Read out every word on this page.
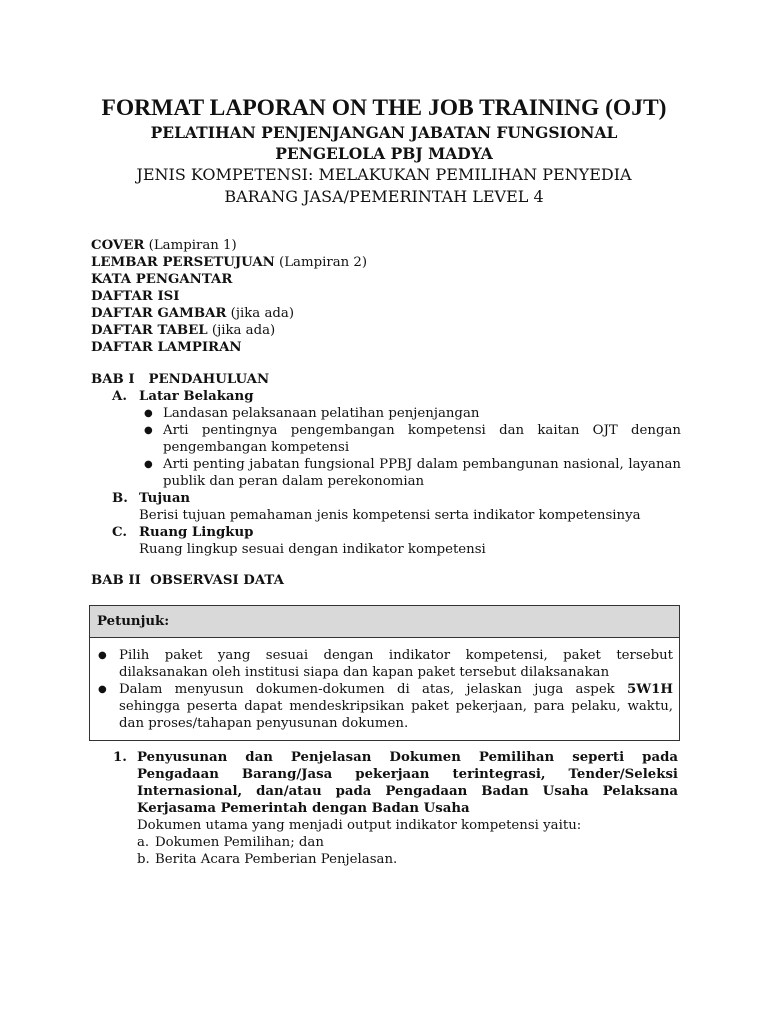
FORMAT LAPORAN ON THE JOB TRAINING (OJT)
PELATIHAN PENJENJANGAN JABATAN FUNGSIONAL
PENGELOLA PBJ MADYA
JENIS KOMPETENSI: MELAKUKAN PEMILIHAN PENYEDIA
BARANG JASA/PEMERINTAH LEVEL 4
COVER (Lampiran 1)
LEMBAR PERSETUJUAN (Lampiran 2)
KATA PENGANTAR
DAFTAR ISI
DAFTAR GAMBAR (jika ada)
DAFTAR TABEL (jika ada)
DAFTAR LAMPIRAN
BAB I   PENDAHULUAN
A. Latar Belakang
● Landasan pelaksanaan pelatihan penjenjangan
● Arti pentingnya pengembangan kompetensi dan kaitan OJT dengan pengembangan kompetensi
● Arti penting jabatan fungsional PPBJ dalam pembangunan nasional, layanan publik dan peran dalam perekonomian
B. Tujuan
Berisi tujuan pemahaman jenis kompetensi serta indikator kompetensinya
C. Ruang Lingkup
Ruang lingkup sesuai dengan indikator kompetensi
BAB II  OBSERVASI DATA
Petunjuk:
● Pilih paket yang sesuai dengan indikator kompetensi, paket tersebut dilaksanakan oleh institusi siapa dan kapan paket tersebut dilaksanakan
● Dalam menyusun dokumen-dokumen di atas, jelaskan juga aspek 5W1H sehingga peserta dapat mendeskripsikan paket pekerjaan, para pelaku, waktu, dan proses/tahapan penyusunan dokumen.
1. Penyusunan dan Penjelasan Dokumen Pemilihan seperti pada Pengadaan Barang/Jasa pekerjaan terintegrasi, Tender/Seleksi Internasional, dan/atau pada Pengadaan Badan Usaha Pelaksana Kerjasama Pemerintah dengan Badan Usaha
Dokumen utama yang menjadi output indikator kompetensi yaitu:
a. Dokumen Pemilihan; dan
b. Berita Acara Pemberian Penjelasan.
